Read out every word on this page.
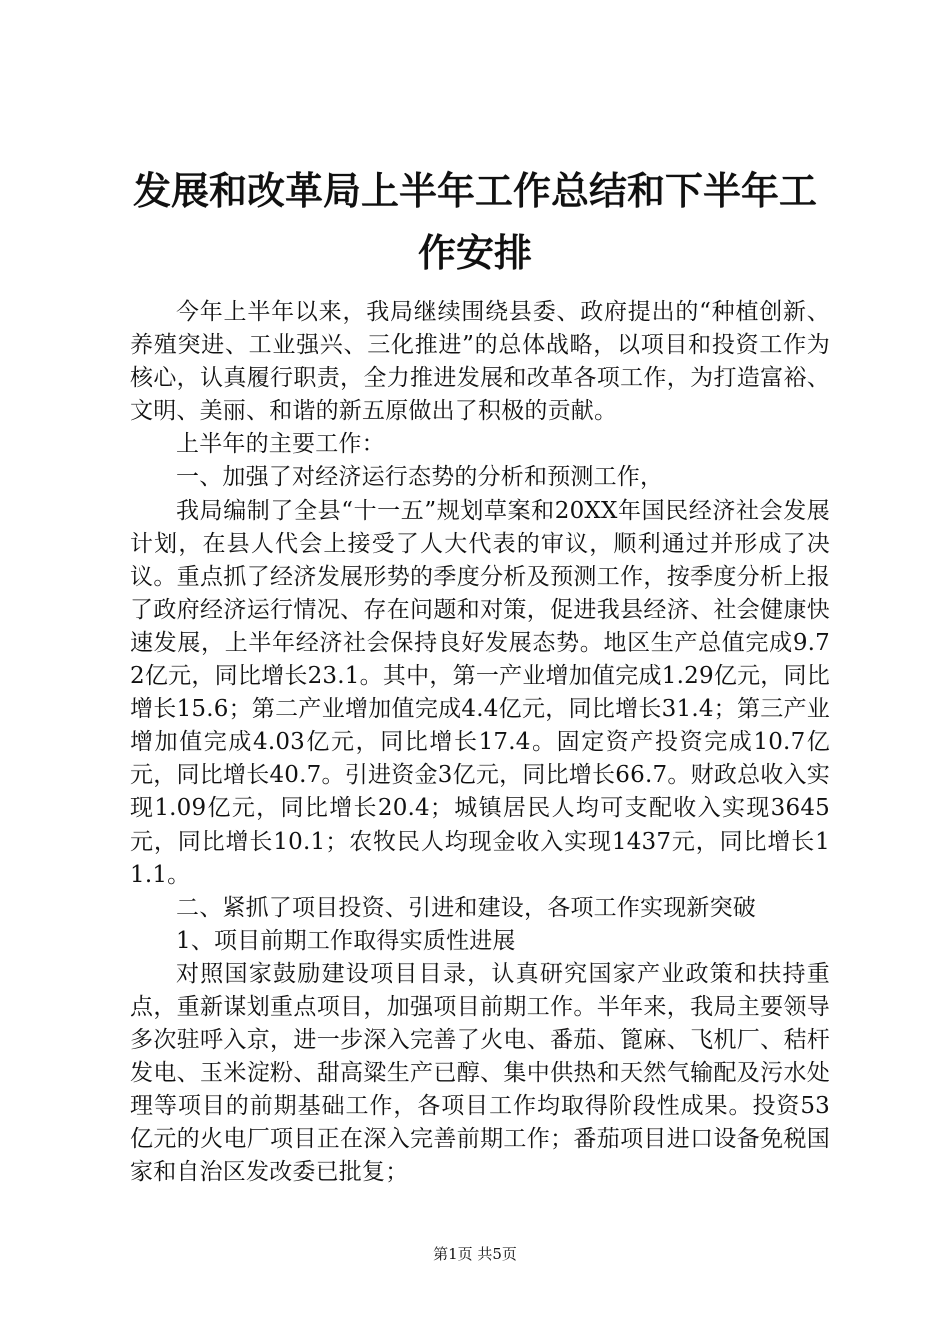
发展和改革局上半年工作总结和下半年工作安排

今年上半年以来，我局继续围绕县委、政府提出的“种植创新、养殖突进、工业强兴、三化推进”的总体战略，以项目和投资工作为核心，认真履行职责，全力推进发展和改革各项工作，为打造富裕、文明、美丽、和谐的新五原做出了积极的贡献。

上半年的主要工作：

一、加强了对经济运行态势的分析和预测工作，

我局编制了全县“十一五”规划草案和20XX年国民经济社会发展计划，在县人代会上接受了人大代表的审议，顺利通过并形成了决议。重点抓了经济发展形势的季度分析及预测工作，按季度分析上报了政府经济运行情况、存在问题和对策，促进我县经济、社会健康快速发展，上半年经济社会保持良好发展态势。地区生产总值完成9.72亿元，同比增长23.1。其中，第一产业增加值完成1.29亿元，同比增长15.6；第二产业增加值完成4.4亿元，同比增长31.4；第三产业增加值完成4.03亿元，同比增长17.4。固定资产投资完成10.7亿元，同比增长40.7。引进资金3亿元，同比增长66.7。财政总收入实现1.09亿元，同比增长20.4；城镇居民人均可支配收入实现3645元，同比增长10.1；农牧民人均现金收入实现1437元，同比增长11.1。

二、紧抓了项目投资、引进和建设，各项工作实现新突破

1、项目前期工作取得实质性进展

对照国家鼓励建设项目目录，认真研究国家产业政策和扶持重点，重新谋划重点项目，加强项目前期工作。半年来，我局主要领导多次驻呼入京，进一步深入完善了火电、番茄、篦麻、飞机厂、秸杆发电、玉米淀粉、甜高粱生产已醇、集中供热和天然气输配及污水处理等项目的前期基础工作，各项目工作均取得阶段性成果。投资53亿元的火电厂项目正在深入完善前期工作；番茄项目进口设备免税国家和自治区发改委已批复；

第1页 共5页
